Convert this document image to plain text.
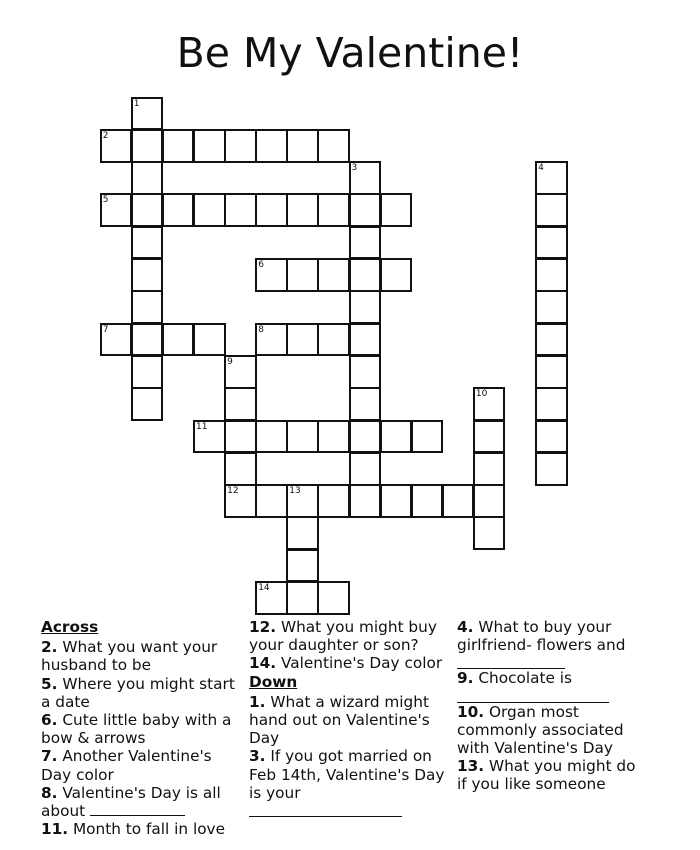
Be My Valentine!
1
2
3	4
5
6
7	8
9
12
10
11
13
14
Across
2. What you want your husband to be
5. Where you might start a date
6. Cute little baby with a bow & arrows
7. Another Valentine's Day color
8. Valentine's Day is all about
11. Month to fall in love
12. What you might buy your daughter or son?
14. Valentine's Day color
Down
1. What a wizard might hand out on Valentine's Day
3. If you got married on Feb 14th, Valentine's Day is your
4. What to buy your girlfriend- flowers and
9. Chocolate is
10. Organ most commonly associated with Valentine's Day
13. What you might do if you like someone
